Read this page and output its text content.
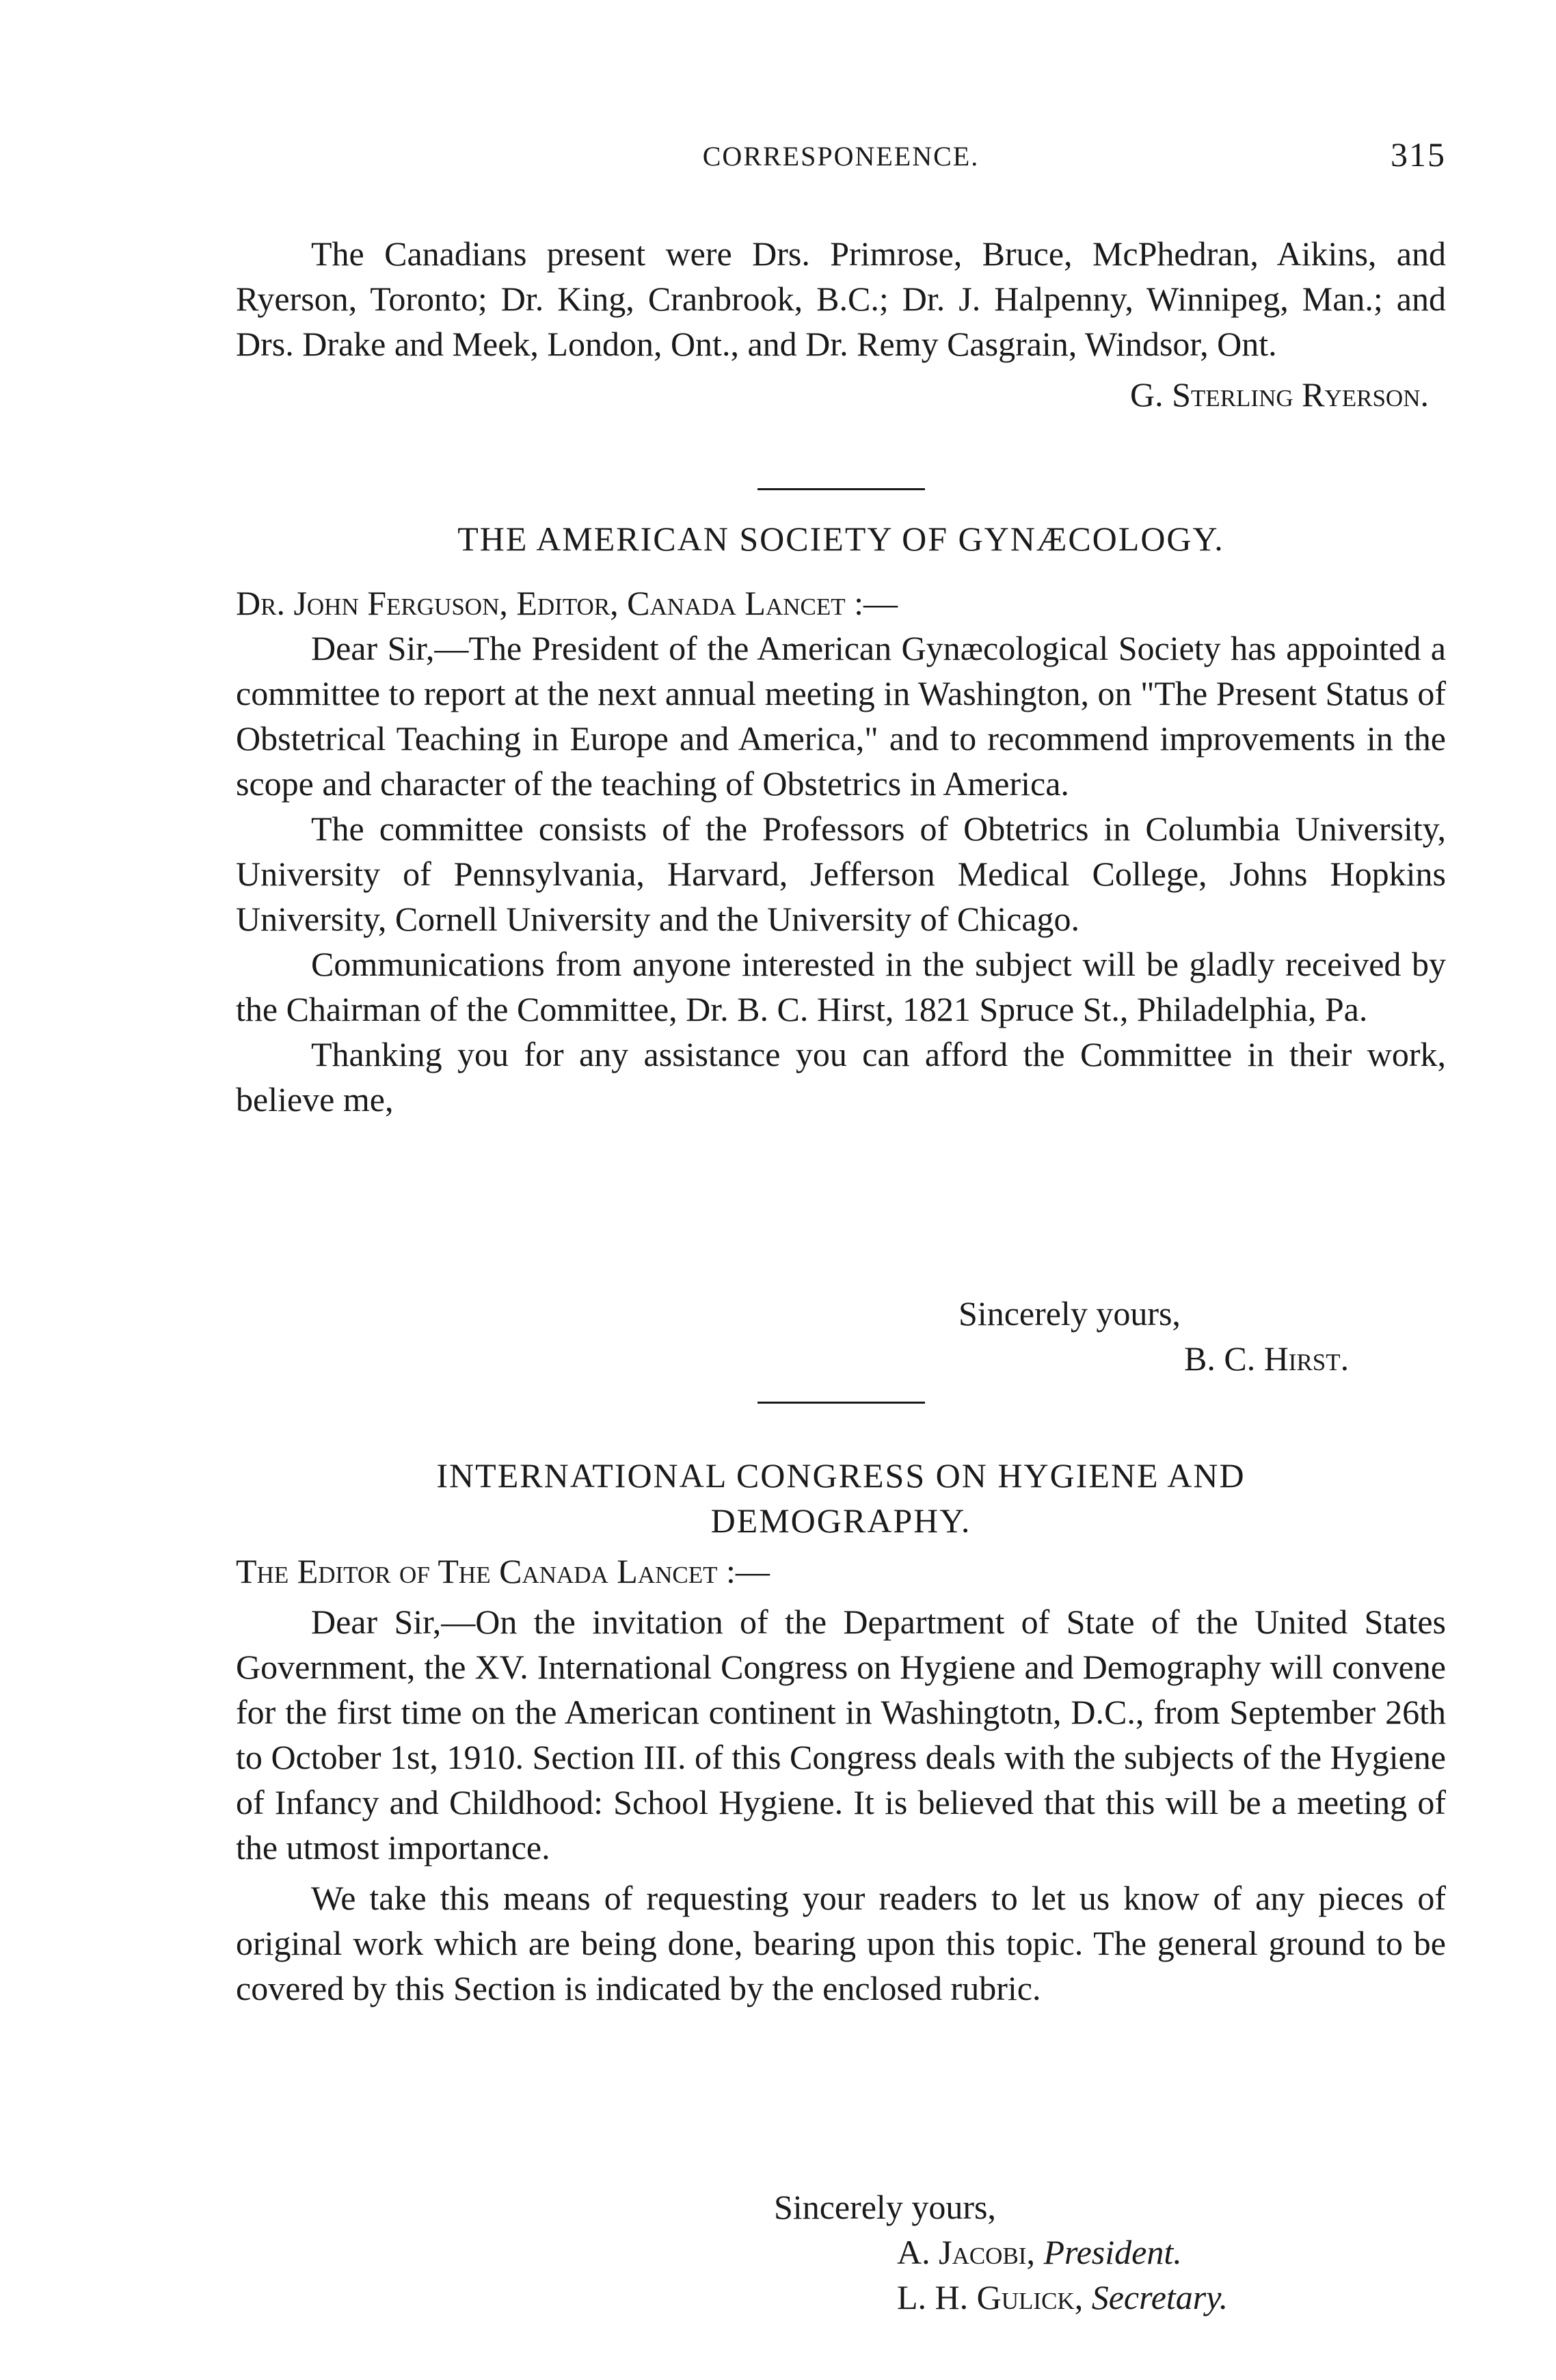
CORRESPONEENCE.	315

The Canadians present were Drs. Primrose, Bruce, McPhedran, Aikins, and Ryerson, Toronto; Dr. King, Cranbrook, B.C.; Dr. J. Halpenny, Winnipeg, Man.; and Drs. Drake and Meek, London, Ont., and Dr. Remy Casgrain, Windsor, Ont.

G. Sterling Ryerson.

THE AMERICAN SOCIETY OF GYNÆCOLOGY.

Dr. John Ferguson, Editor, Canada Lancet :—

Dear Sir,—The President of the American Gynæcological Society has appointed a committee to report at the next annual meeting in Washington, on "The Present Status of Obstetrical Teaching in Europe and America," and to recommend improvements in the scope and character of the teaching of Obstetrics in America.

The committee consists of the Professors of Obtetrics in Columbia University, University of Pennsylvania, Harvard, Jefferson Medical College, Johns Hopkins University, Cornell University and the University of Chicago.

Communications from anyone interested in the subject will be gladly received by the Chairman of the Committee, Dr. B. C. Hirst, 1821 Spruce St., Philadelphia, Pa.

Thanking you for any assistance you can afford the Committee in their work, believe me,

Sincerely yours,
B. C. Hirst.

INTERNATIONAL CONGRESS ON HYGIENE AND

DEMOGRAPHY.

The Editor of The Canada Lancet :—

Dear Sir,—On the invitation of the Department of State of the United States Government, the XV. International Congress on Hygiene and Demography will convene for the first time on the American continent in Washingtotn, D.C., from September 26th to October 1st, 1910. Section III. of this Congress deals with the subjects of the Hygiene of Infancy and Childhood: School Hygiene. It is believed that this will be a meeting of the utmost importance.

We take this means of requesting your readers to let us know of any pieces of original work which are being done, bearing upon this topic. The general ground to be covered by this Section is indicated by the enclosed rubric.

Sincerely yours,
A. Jacobi, President.
L. H. Gulick, Secretary.
